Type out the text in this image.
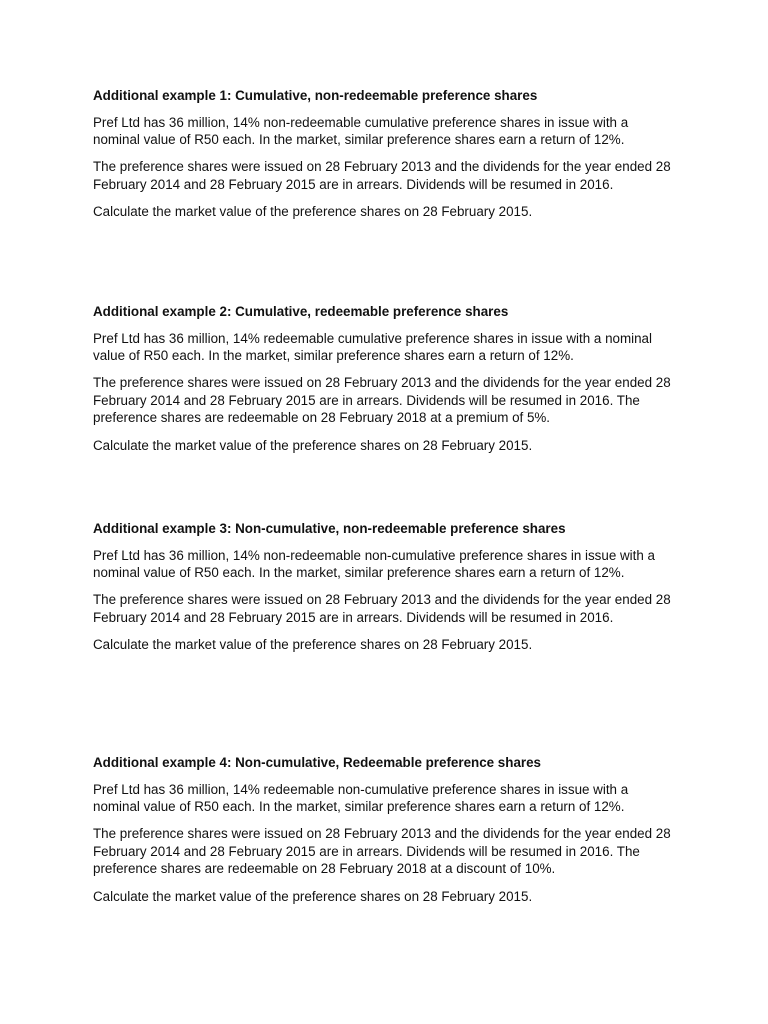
Additional example 1: Cumulative, non-redeemable preference shares

Pref Ltd has 36 million, 14% non-redeemable cumulative preference shares in issue with a nominal value of R50 each. In the market, similar preference shares earn a return of 12%.

The preference shares were issued on 28 February 2013 and the dividends for the year ended 28 February 2014 and 28 February 2015 are in arrears. Dividends will be resumed in 2016.

Calculate the market value of the preference shares on 28 February 2015.

Additional example 2: Cumulative, redeemable preference shares

Pref Ltd has 36 million, 14% redeemable cumulative preference shares in issue with a nominal value of R50 each. In the market, similar preference shares earn a return of 12%.

The preference shares were issued on 28 February 2013 and the dividends for the year ended 28 February 2014 and 28 February 2015 are in arrears. Dividends will be resumed in 2016. The preference shares are redeemable on 28 February 2018 at a premium of 5%.

Calculate the market value of the preference shares on 28 February 2015.

Additional example 3: Non-cumulative, non-redeemable preference shares

Pref Ltd has 36 million, 14% non-redeemable non-cumulative preference shares in issue with a nominal value of R50 each. In the market, similar preference shares earn a return of 12%.

The preference shares were issued on 28 February 2013 and the dividends for the year ended 28 February 2014 and 28 February 2015 are in arrears. Dividends will be resumed in 2016.

Calculate the market value of the preference shares on 28 February 2015.

Additional example 4: Non-cumulative, Redeemable preference shares

Pref Ltd has 36 million, 14% redeemable non-cumulative preference shares in issue with a nominal value of R50 each. In the market, similar preference shares earn a return of 12%.

The preference shares were issued on 28 February 2013 and the dividends for the year ended 28 February 2014 and 28 February 2015 are in arrears. Dividends will be resumed in 2016. The preference shares are redeemable on 28 February 2018 at a discount of 10%.

Calculate the market value of the preference shares on 28 February 2015.
